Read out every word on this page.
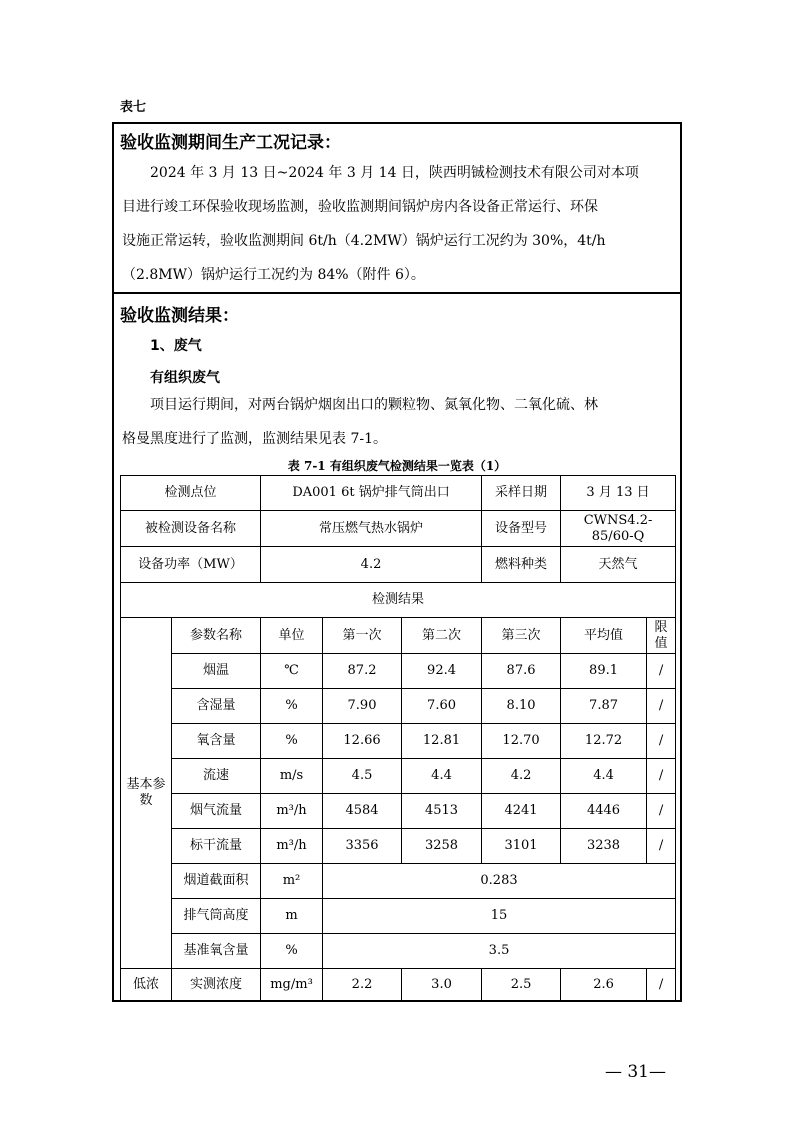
表七
验收监测期间生产工况记录：
2024 年 3 月 13 日~2024 年 3 月 14 日，陕西明铖检测技术有限公司对本项
目进行竣工环保验收现场监测，验收监测期间锅炉房内各设备正常运行、环保
设施正常运转，验收监测期间 6t/h（4.2MW）锅炉运行工况约为 30%，4t/h
（2.8MW）锅炉运行工况约为 84%（附件 6）。
验收监测结果：
1、废气
有组织废气
项目运行期间，对两台锅炉烟囱出口的颗粒物、氮氧化物、二氧化硫、林
格曼黑度进行了监测，监测结果见表 7-1。
表 7-1 有组织废气检测结果一览表（1）
检测点位		DA001 6t 锅炉排气筒出口			采样日期	3 月 13 日	
被检测设备名称		常压燃气热水锅炉			设备型号	CWNS4.2-85/60-Q	
设备功率（MW）		4.2			燃料种类	天然气	
检测结果							
基本参数	参数名称	单位	第一次	第二次	第三次	平均值	限值
	烟温	℃	87.2	92.4	87.6	89.1	/
	含湿量	%	7.90	7.60	8.10	7.87	/
	氧含量	%	12.66	12.81	12.70	12.72	/
	流速	m/s	4.5	4.4	4.2	4.4	/
	烟气流量	m³/h	4584	4513	4241	4446	/
	标干流量	m³/h	3356	3258	3101	3238	/
	烟道截面积	m²	0.283				
	排气筒高度	m	15				
	基准氧含量	%	3.5				
低浓	实测浓度	mg/m³	2.2	3.0	2.5	2.6	/
— 31—
